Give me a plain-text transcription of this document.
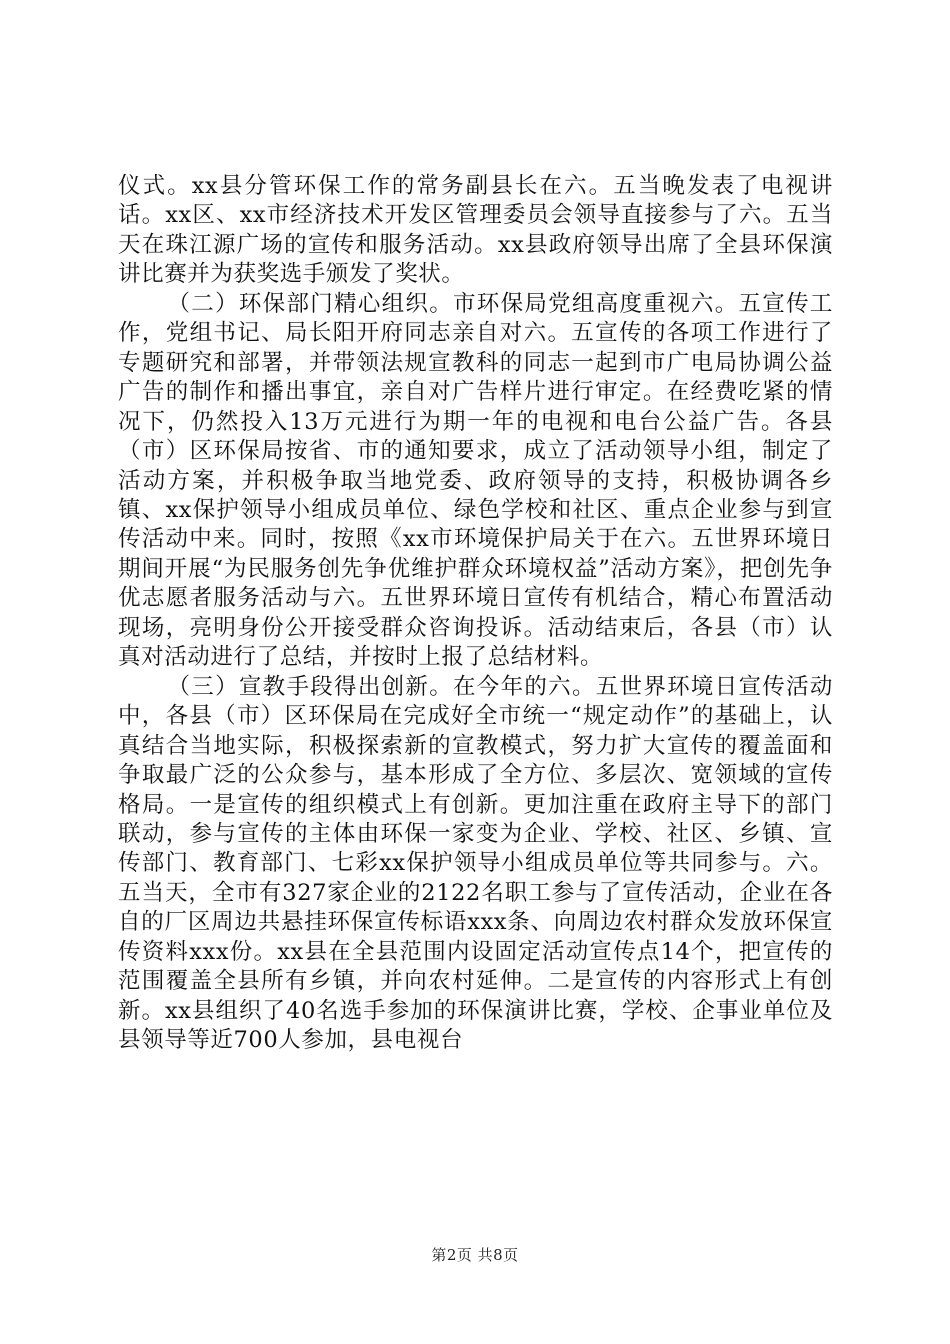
仪式。xx县分管环保工作的常务副县长在六。五当晚发表了电视讲话。xx区、xx市经济技术开发区管理委员会领导直接参与了六。五当天在珠江源广场的宣传和服务活动。xx县政府领导出席了全县环保演讲比赛并为获奖选手颁发了奖状。

（二）环保部门精心组织。市环保局党组高度重视六。五宣传工作，党组书记、局长阳开府同志亲自对六。五宣传的各项工作进行了专题研究和部署，并带领法规宣教科的同志一起到市广电局协调公益广告的制作和播出事宜，亲自对广告样片进行审定。在经费吃紧的情况下，仍然投入13万元进行为期一年的电视和电台公益广告。各县（市）区环保局按省、市的通知要求，成立了活动领导小组，制定了活动方案，并积极争取当地党委、政府领导的支持，积极协调各乡镇、xx保护领导小组成员单位、绿色学校和社区、重点企业参与到宣传活动中来。同时，按照《xx市环境保护局关于在六。五世界环境日期间开展“为民服务创先争优维护群众环境权益”活动方案》，把创先争优志愿者服务活动与六。五世界环境日宣传有机结合，精心布置活动现场，亮明身份公开接受群众咨询投诉。活动结束后，各县（市）认真对活动进行了总结，并按时上报了总结材料。

（三）宣教手段得出创新。在今年的六。五世界环境日宣传活动中，各县（市）区环保局在完成好全市统一“规定动作”的基础上，认真结合当地实际，积极探索新的宣教模式，努力扩大宣传的覆盖面和争取最广泛的公众参与，基本形成了全方位、多层次、宽领域的宣传格局。一是宣传的组织模式上有创新。更加注重在政府主导下的部门联动，参与宣传的主体由环保一家变为企业、学校、社区、乡镇、宣传部门、教育部门、七彩xx保护领导小组成员单位等共同参与。六。五当天，全市有327家企业的2122名职工参与了宣传活动，企业在各自的厂区周边共悬挂环保宣传标语xxx条、向周边农村群众发放环保宣传资料xxx份。xx县在全县范围内设固定活动宣传点14个，把宣传的范围覆盖全县所有乡镇，并向农村延伸。二是宣传的内容形式上有创新。xx县组织了40名选手参加的环保演讲比赛，学校、企事业单位及县领导等近700人参加，县电视台

第2页 共8页
